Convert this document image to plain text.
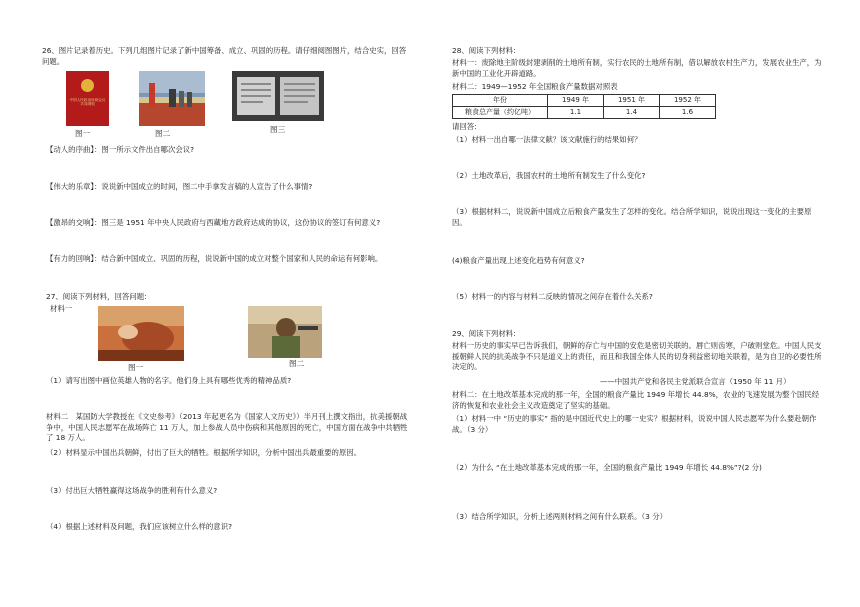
26、图片记录着历史。下列几组图片记录了新中国筹备、成立、巩固的历程。请仔细阅图图片，结合史实，回答问题。
中国人民政治协商会议共同纲领
图一	图二	图三
【动人的序曲】：图一所示文件出自哪次会议?
【伟大的乐章】：说说新中国成立的时间，图二中手拿发言稿的人宣告了什么事情?
【激昂的交响】：图三是 1951 年中央人民政府与西藏地方政府达成的协议，这份协议的签订有何意义?
【有力的回响】：结合新中国成立、巩固的历程，说说新中国的成立对整个国家和人民的命运有何影响。
27、阅读下列材料，回答问题:
材料一
图一	图二
（1）请写出图中画位英雄人物的名字。他们身上具有哪些优秀的精神品质?
材料二　某国防大学教授在《文史参考》（2013 年起更名为《国家人文历史》）半月刊上撰文指出，抗美援朝战争中，中国人民志愿军在战场阵亡 11 万人，加上参战人员中伤病和其他原因的死亡，中国方面在战争中共牺牲了 18 万人。
（2）材料显示中国出兵朝鲜，付出了巨大的牺牲。根据所学知识，分析中国出兵最重要的原因。
（3）付出巨大牺牲赢得这场战争的胜利有什么意义?
（4）根据上述材料及问题，我们应该树立什么样的意识?
28、阅读下列材料:
材料一：废除地主阶级封建剥削的土地所有制，实行农民的土地所有制，借以解放农村生产力，发展农业生产，为新中国的工业化开辟道路。
材料二：1949—1952 年全国粮食产量数据对照表
年份	1949 年	1951 年	1952 年
粮食总产量（约亿吨）	1.1	1.4	1.6
请回答:
（1）材料一出自哪一法律文献？该文献施行的结果如何？
（2）土地改革后，我国农村的土地所有制发生了什么变化?
（3）根据材料二，说说新中国成立后粮食产量发生了怎样的变化。结合所学知识，说说出现这一变化的主要原因。
(4)粮食产量出现上述变化趋势有何意义?
（5）材料一的内容与材料二反映的情况之间存在着什么关系?
29、阅读下列材料:
材料一历史的事实早已告诉我们，朝鲜的存亡与中国的安危是密切关联的。唇亡则齿寒，户破则堂危。中国人民支援朝鲜人民的抗美战争不只是道义上的责任，而且和我国全体人民的切身利益密切地关联着，是为自卫的必要性所决定的。
——中国共产党和各民主党派联合宣言（1950 年 11 月）
材料二：在土地改革基本完成的那一年，全国的粮食产量比 1949 年增长 44.8%，农业的飞速发展为整个国民经济的恢复和农业社会主义改造奠定了坚实的基础。
（1）材料一中 “历史的事实” 指的是中国近代史上的哪一史实？根据材料，说说中国人民志愿军为什么要赴朝作战。（3 分）
（2）为什么 “在土地改革基本完成的那一年，全国的粮食产量比 1949 年增长 44.8%”?(2 分)
（3）结合所学知识，分析上述两则材料之间有什么联系。（3 分）
